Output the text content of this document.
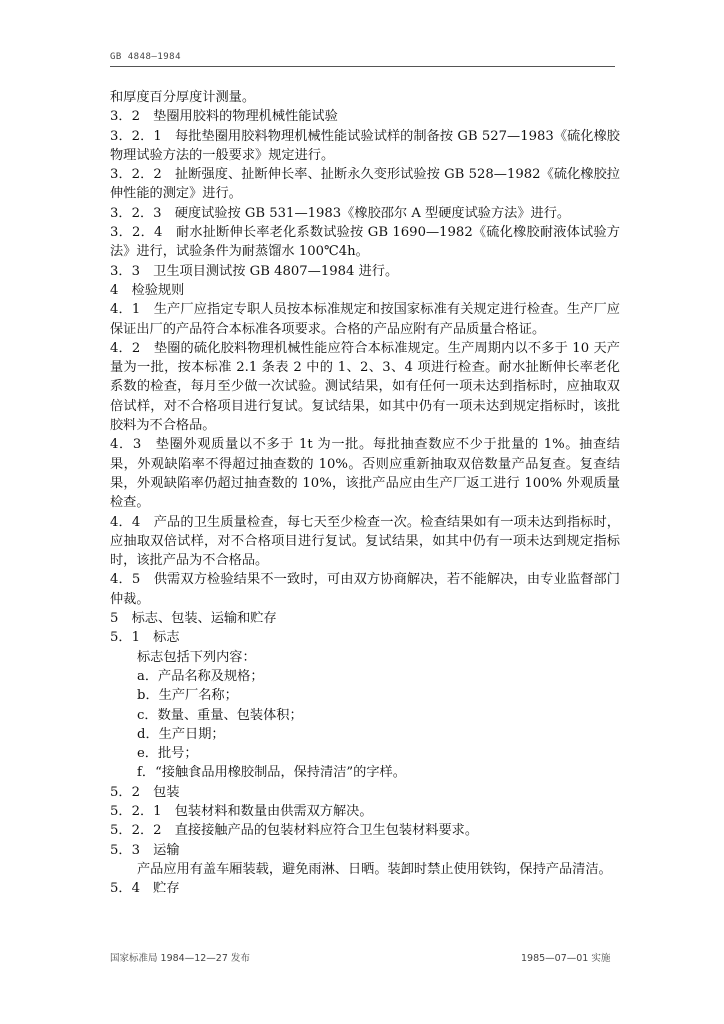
GB 4848—1984

和厚度百分厚度计测量。

3．2　垫圈用胶料的物理机械性能试验

3．2．1　每批垫圈用胶料物理机械性能试验试样的制备按 GB 527—1983《硫化橡胶物理试验方法的一般要求》规定进行。

3．2．2　扯断强度、扯断伸长率、扯断永久变形试验按 GB 528—1982《硫化橡胶拉伸性能的测定》进行。

3．2．3　硬度试验按 GB 531—1983《橡胶邵尔 A 型硬度试验方法》进行。

3．2．4　耐水扯断伸长率老化系数试验按 GB 1690—1982《硫化橡胶耐液体试验方法》进行，试验条件为耐蒸馏水 100℃4h。

3．3　卫生项目测试按 GB 4807—1984 进行。

4　检验规则

4．1　生产厂应指定专职人员按本标准规定和按国家标准有关规定进行检查。生产厂应保证出厂的产品符合本标准各项要求。合格的产品应附有产品质量合格证。

4．2　垫圈的硫化胶料物理机械性能应符合本标准规定。生产周期内以不多于 10 天产量为一批，按本标准 2.1 条表 2 中的 1、2、3、4 项进行检查。耐水扯断伸长率老化系数的检查，每月至少做一次试验。测试结果，如有任何一项未达到指标时，应抽取双倍试样，对不合格项目进行复试。复试结果，如其中仍有一项未达到规定指标时，该批胶料为不合格品。

4．3　垫圈外观质量以不多于 1t 为一批。每批抽查数应不少于批量的 1%。抽查结果，外观缺陷率不得超过抽查数的 10%。否则应重新抽取双倍数量产品复查。复查结果，外观缺陷率仍超过抽查数的 10%，该批产品应由生产厂返工进行 100% 外观质量检查。

4．4　产品的卫生质量检查，每七天至少检查一次。检查结果如有一项未达到指标时，应抽取双倍试样，对不合格项目进行复试。复试结果，如其中仍有一项未达到规定指标时，该批产品为不合格品。

4．5　供需双方检验结果不一致时，可由双方协商解决，若不能解决，由专业监督部门仲裁。

5　标志、包装、运输和贮存

5．1　标志

标志包括下列内容：

a．产品名称及规格；

b．生产厂名称；

c．数量、重量、包装体积；

d．生产日期；

e．批号；

f．“接触食品用橡胶制品，保持清洁”的字样。

5．2　包装

5．2．1　包装材料和数量由供需双方解决。

5．2．2　直接接触产品的包装材料应符合卫生包装材料要求。

5．3　运输

产品应用有盖车厢装载，避免雨淋、日晒。装卸时禁止使用铁钩，保持产品清洁。

5．4　贮存

国家标准局 1984—12—27 发布	1985—07—01 实施
